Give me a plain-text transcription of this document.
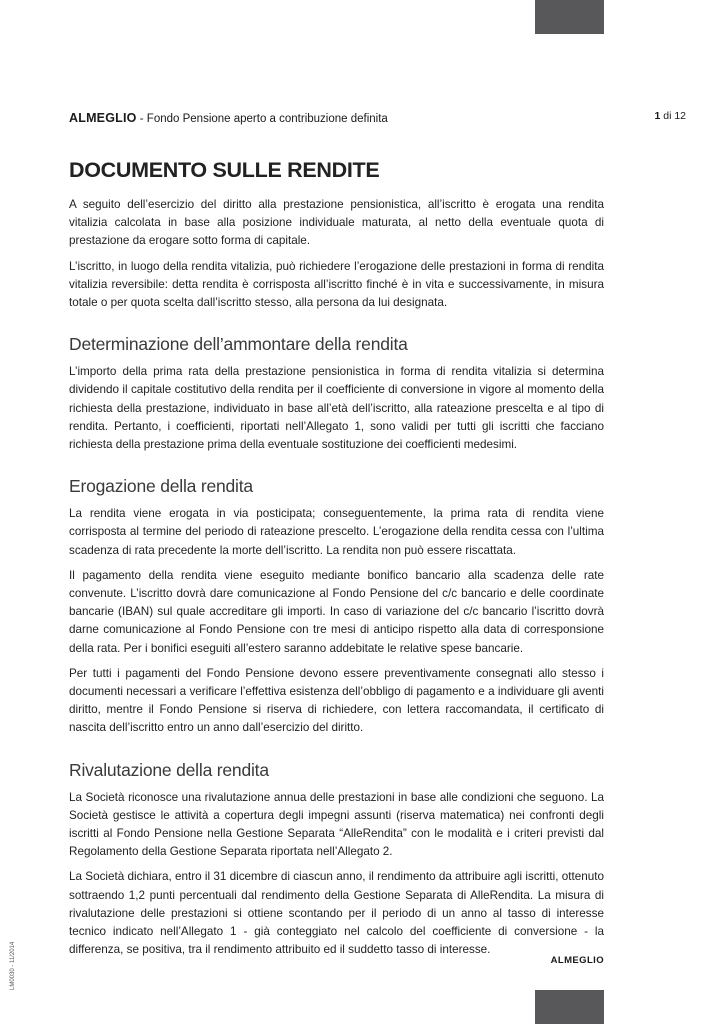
ALMEGLIO - Fondo Pensione aperto a contribuzione definita	1 di 12
DOCUMENTO SULLE RENDITE

A seguito dell’esercizio del diritto alla prestazione pensionistica, all’iscritto è erogata una rendita vitalizia calcolata in base alla posizione individuale maturata, al netto della eventuale quota di prestazione da erogare sotto forma di capitale.

L’iscritto, in luogo della rendita vitalizia, può richiedere l’erogazione delle prestazioni in forma di rendita vitalizia reversibile: detta rendita è corrisposta all’iscritto finché è in vita e successivamente, in misura totale o per quota scelta dall’iscritto stesso, alla persona da lui designata.

Determinazione dell’ammontare della rendita

L’importo della prima rata della prestazione pensionistica in forma di rendita vitalizia si determina dividendo il capitale costitutivo della rendita per il coefficiente di conversione in vigore al momento della richiesta della prestazione, individuato in base all’età dell’iscritto, alla rateazione prescelta e al tipo di rendita. Pertanto, i coefficienti, riportati nell’Allegato 1, sono validi per tutti gli iscritti che facciano richiesta della prestazione prima della eventuale sostituzione dei coefficienti medesimi.

Erogazione della rendita

La rendita viene erogata in via posticipata; conseguentemente, la prima rata di rendita viene corrisposta al termine del periodo di rateazione prescelto. L’erogazione della rendita cessa con l’ultima scadenza di rata precedente la morte dell’iscritto. La rendita non può essere riscattata.

Il pagamento della rendita viene eseguito mediante bonifico bancario alla scadenza delle rate convenute. L’iscritto dovrà dare comunicazione al Fondo Pensione del c/c bancario e delle coordinate bancarie (IBAN) sul quale accreditare gli importi. In caso di variazione del c/c bancario l’iscritto dovrà darne comunicazione al Fondo Pensione con tre mesi di anticipo rispetto alla data di corresponsione della rata. Per i bonifici eseguiti all’estero saranno addebitate le relative spese bancarie.

Per tutti i pagamenti del Fondo Pensione devono essere preventivamente consegnati allo stesso i documenti necessari a verificare l’effettiva esistenza dell’obbligo di pagamento e a individuare gli aventi diritto, mentre il Fondo Pensione si riserva di richiedere, con lettera raccomandata, il certificato di nascita dell’iscritto entro un anno dall’esercizio del diritto.

Rivalutazione della rendita

La Società riconosce una rivalutazione annua delle prestazioni in base alle condizioni che seguono. La Società gestisce le attività a copertura degli impegni assunti (riserva matematica) nei confronti degli iscritti al Fondo Pensione nella Gestione Separata “AlleRendita” con le modalità e i criteri previsti dal Regolamento della Gestione Separata riportata nell’Allegato 2.

La Società dichiara, entro il 31 dicembre di ciascun anno, il rendimento da attribuire agli iscritti, ottenuto sottraendo 1,2 punti percentuali dal rendimento della Gestione Separata di AlleRendita. La misura di rivalutazione delle prestazioni si ottiene scontando per il periodo di un anno al tasso di interesse tecnico indicato nell’Allegato 1 - già conteggiato nel calcolo del coefficiente di conversione - la differenza, se positiva, tra il rendimento attribuito ed il suddetto tasso di interesse.

LM0030 - 11/2014	ALMEGLIO
